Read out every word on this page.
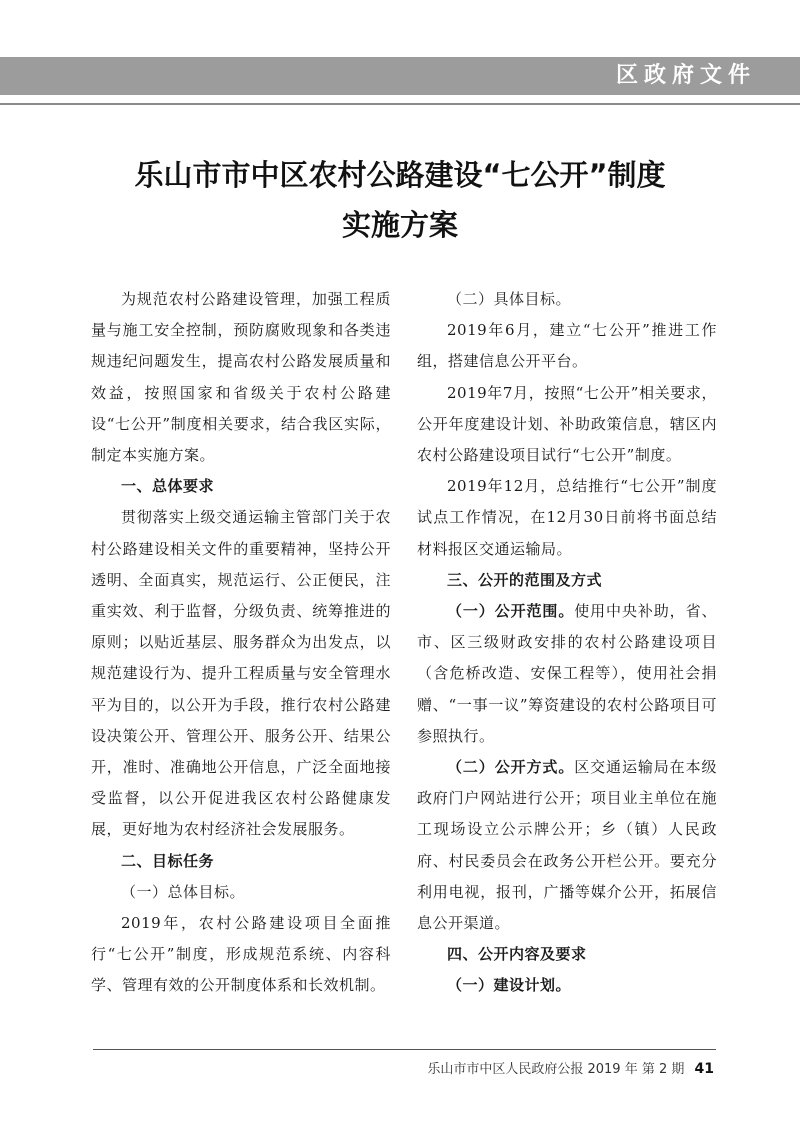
区政府文件
乐山市市中区农村公路建设“七公开”制度
实施方案

为规范农村公路建设管理，加强工程质量与施工安全控制，预防腐败现象和各类违规违纪问题发生，提高农村公路发展质量和效益，按照国家和省级关于农村公路建设“七公开”制度相关要求，结合我区实际，制定本实施方案。

一、总体要求

贯彻落实上级交通运输主管部门关于农村公路建设相关文件的重要精神，坚持公开透明、全面真实，规范运行、公正便民，注重实效、利于监督，分级负责、统筹推进的原则；以贴近基层、服务群众为出发点，以规范建设行为、提升工程质量与安全管理水平为目的，以公开为手段，推行农村公路建设决策公开、管理公开、服务公开、结果公开，准时、准确地公开信息，广泛全面地接受监督，以公开促进我区农村公路健康发展，更好地为农村经济社会发展服务。

二、目标任务

（一）总体目标。

2019年，农村公路建设项目全面推行“七公开”制度，形成规范系统、内容科学、管理有效的公开制度体系和长效机制。

（二）具体目标。

2019年6月，建立“七公开”推进工作组，搭建信息公开平台。

2019年7月，按照“七公开”相关要求，公开年度建设计划、补助政策信息，辖区内农村公路建设项目试行“七公开”制度。

2019年12月，总结推行“七公开”制度试点工作情况，在12月30日前将书面总结材料报区交通运输局。

三、公开的范围及方式

（一）公开范围。使用中央补助，省、市、区三级财政安排的农村公路建设项目（含危桥改造、安保工程等），使用社会捐赠、“一事一议”筹资建设的农村公路项目可参照执行。

（二）公开方式。区交通运输局在本级政府门户网站进行公开；项目业主单位在施工现场设立公示牌公开；乡（镇）人民政府、村民委员会在政务公开栏公开。要充分利用电视，报刊，广播等媒介公开，拓展信息公开渠道。

四、公开内容及要求

（一）建设计划。

乐山市市中区人民政府公报 2019 年 第 2 期 41
